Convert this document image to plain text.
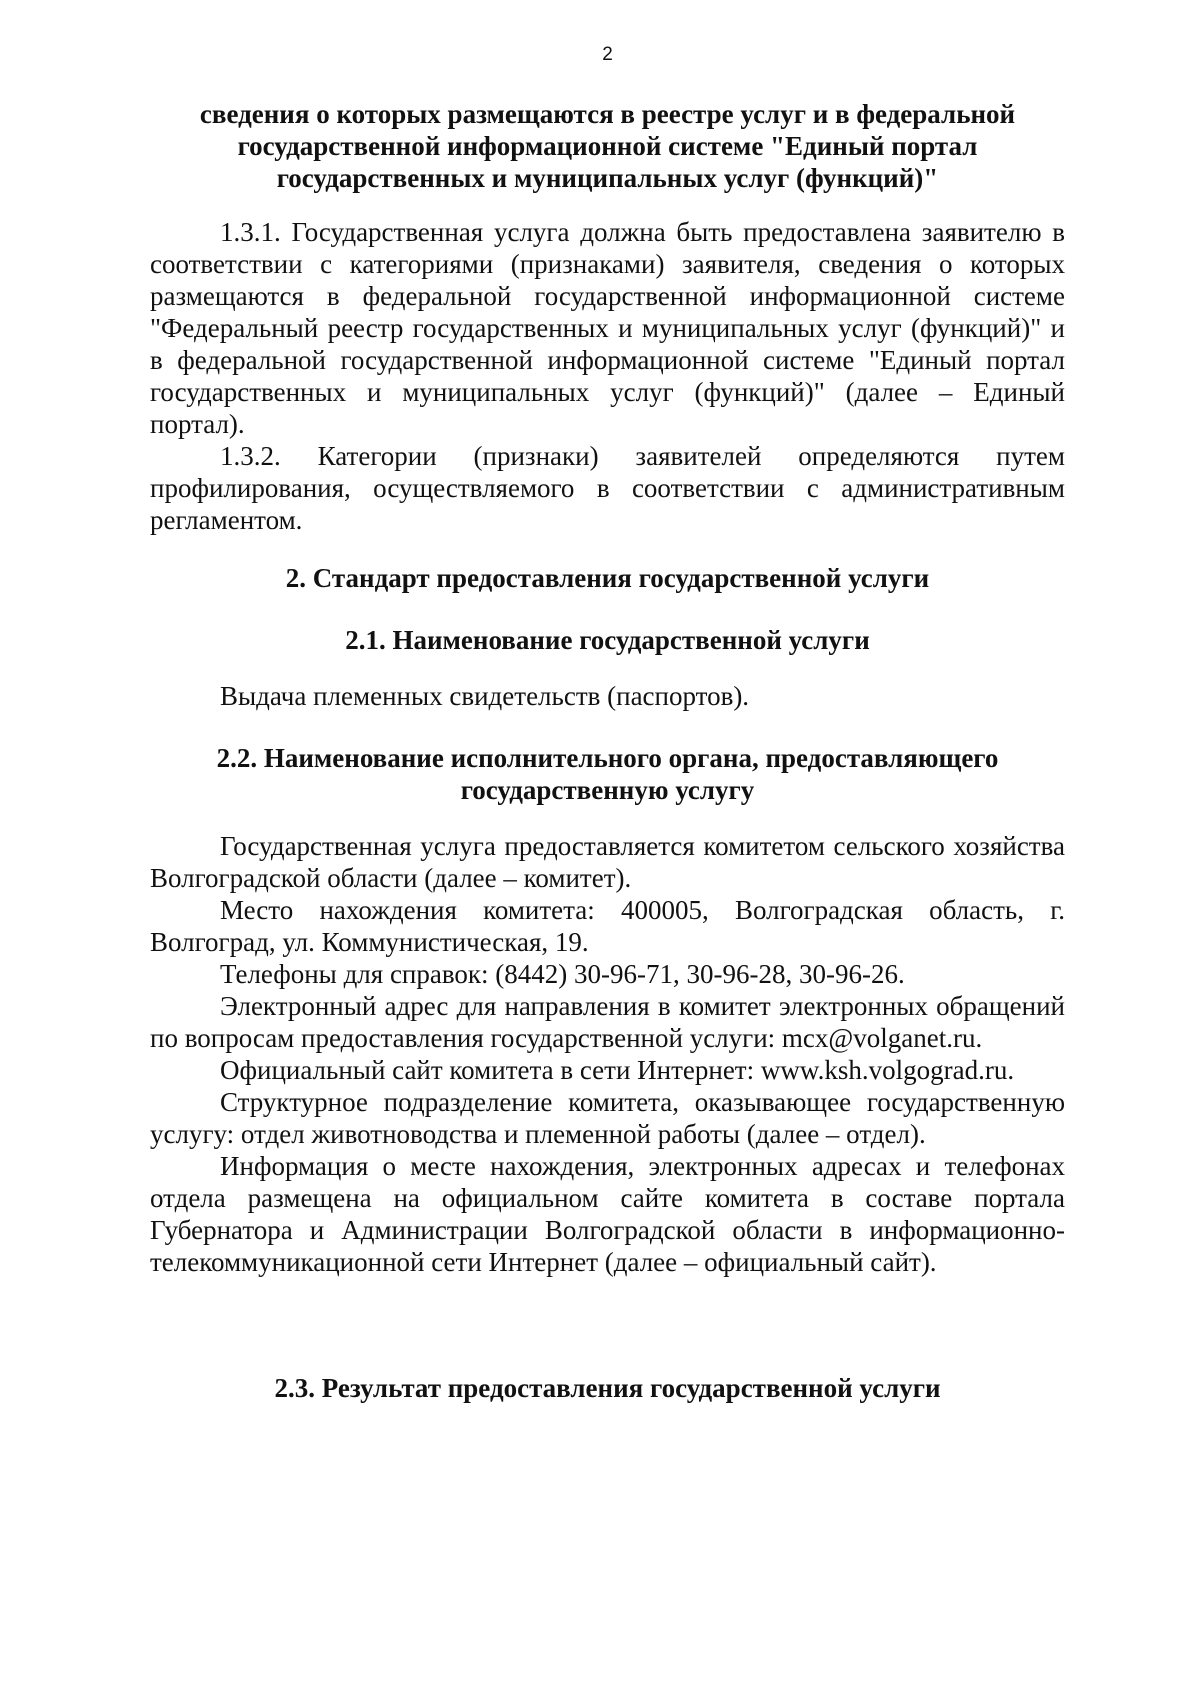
2
сведения о которых размещаются в реестре услуг и в федеральной
государственной информационной системе "Единый портал
государственных и муниципальных услуг (функций)"

1.3.1. Государственная услуга должна быть предоставлена заявителю в соответствии с категориями (признаками) заявителя, сведения о которых размещаются в федеральной государственной информационной системе "Федеральный реестр государственных и муниципальных услуг (функций)" и в федеральной государственной информационной системе "Единый портал государственных и муниципальных услуг (функций)" (далее – Единый портал).

1.3.2. Категории (признаки) заявителей определяются путем профилирования, осуществляемого в соответствии с административным регламентом.

2. Стандарт предоставления государственной услуги
2.1. Наименование государственной услуги

Выдача племенных свидетельств (паспортов).

2.2. Наименование исполнительного органа, предоставляющего
государственную услугу

Государственная услуга предоставляется комитетом сельского хозяйства Волгоградской области (далее – комитет).

Место нахождения комитета: 400005, Волгоградская область, г. Волгоград, ул. Коммунистическая, 19.

Телефоны для справок: (8442) 30-96-71, 30-96-28, 30-96-26.

Электронный адрес для направления в комитет электронных обращений по вопросам предоставления государственной услуги: mcx@volganet.ru.

Официальный сайт комитета в сети Интернет: www.ksh.volgograd.ru.

Структурное подразделение комитета, оказывающее государственную услугу: отдел животноводства и племенной работы (далее – отдел).

Информация о месте нахождения, электронных адресах и телефонах отдела размещена на официальном сайте комитета в составе портала Губернатора и Администрации Волгоградской области в информационно-телекоммуникационной сети Интернет (далее – официальный сайт).

2.3. Результат предоставления государственной услуги
